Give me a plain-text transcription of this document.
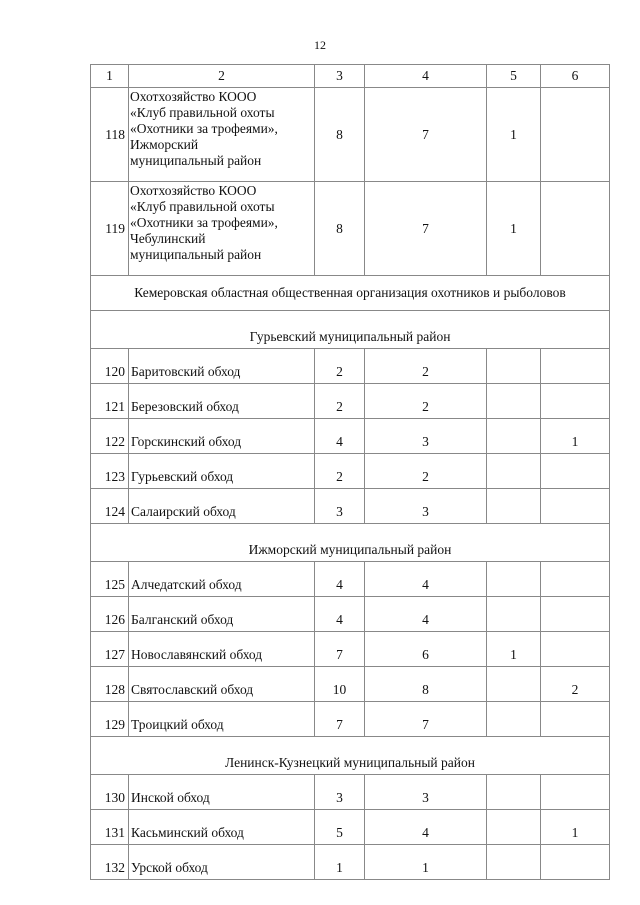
12
1	2	3	4	5	6
118	Охотхозяйство КООО
«Клуб правильной охоты
«Охотники за трофеями»,
Ижморский
муниципальный район	8	7	1	
119	Охотхозяйство КООО
«Клуб правильной охоты
«Охотники за трофеями»,
Чебулинский
муниципальный район	8	7	1	
Кемеровская областная общественная организация охотников и рыболовов					
Гурьевский муниципальный район					
120	Баритовский обход	2	2		
121	Березовский обход	2	2		
122	Горскинский обход	4	3		1
123	Гурьевский обход	2	2		
124	Салаирский обход	3	3		
Ижморский муниципальный район					
125	Алчедатский обход	4	4		
126	Балганский обход	4	4		
127	Новославянский обход	7	6	1	
128	Святославский обход	10	8		2
129	Троицкий обход	7	7		
Ленинск-Кузнецкий муниципальный район					
130	Инской обход	3	3		
131	Касьминский обход	5	4		1
132	Урской обход	1	1		
